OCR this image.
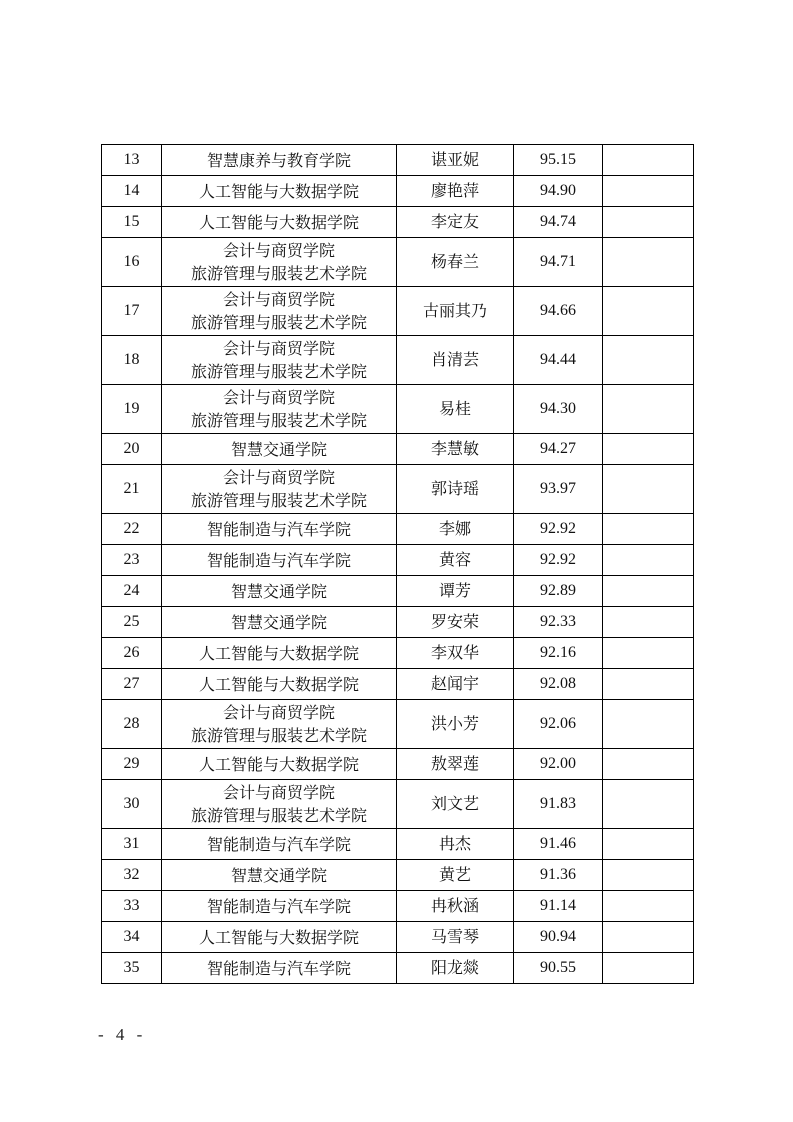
13	智慧康养与教育学院	谌亚妮	95.15	
14	人工智能与大数据学院	廖艳萍	94.90	
15	人工智能与大数据学院	李定友	94.74	
16	会计与商贸学院
旅游管理与服装艺术学院	杨春兰	94.71	
17	会计与商贸学院
旅游管理与服装艺术学院	古丽其乃	94.66	
18	会计与商贸学院
旅游管理与服装艺术学院	肖清芸	94.44	
19	会计与商贸学院
旅游管理与服装艺术学院	易桂	94.30	
20	智慧交通学院	李慧敏	94.27	
21	会计与商贸学院
旅游管理与服装艺术学院	郭诗瑶	93.97	
22	智能制造与汽车学院	李娜	92.92	
23	智能制造与汽车学院	黄容	92.92	
24	智慧交通学院	谭芳	92.89	
25	智慧交通学院	罗安荣	92.33	
26	人工智能与大数据学院	李双华	92.16	
27	人工智能与大数据学院	赵闻宇	92.08	
28	会计与商贸学院
旅游管理与服装艺术学院	洪小芳	92.06	
29	人工智能与大数据学院	敖翠莲	92.00	
30	会计与商贸学院
旅游管理与服装艺术学院	刘文艺	91.83	
31	智能制造与汽车学院	冉杰	91.46	
32	智慧交通学院	黄艺	91.36	
33	智能制造与汽车学院	冉秋涵	91.14	
34	人工智能与大数据学院	马雪琴	90.94	
35	智能制造与汽车学院	阳龙燚	90.55	
- 4 -
